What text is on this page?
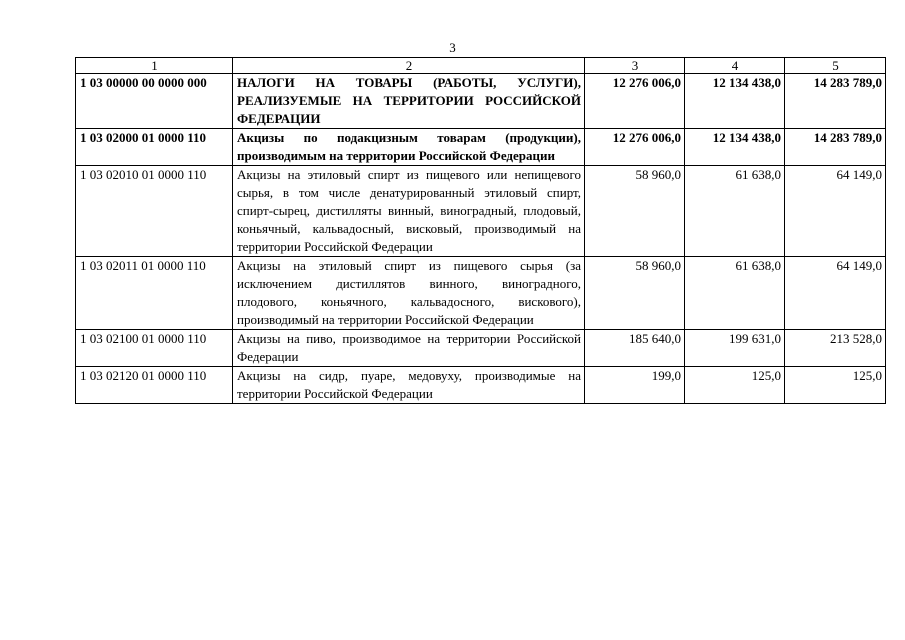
3
1	2	3	4	5
1 03 00000 00 0000 000	НАЛОГИ НА ТОВАРЫ (РАБОТЫ, УСЛУГИ), РЕАЛИЗУЕМЫЕ НА ТЕРРИТОРИИ РОССИЙСКОЙ ФЕДЕРАЦИИ	12 276 006,0	12 134 438,0	14 283 789,0
1 03 02000 01 0000 110	Акцизы по подакцизным товарам (продукции), производимым на территории Российской Федерации	12 276 006,0	12 134 438,0	14 283 789,0
1 03 02010 01 0000 110	Акцизы на этиловый спирт из пищевого или непищевого сырья, в том числе денатурированный этиловый спирт, спирт-сырец, дистилляты винный, виноградный, плодовый, коньячный, кальвадосный, висковый, производимый на территории Российской Федерации	58 960,0	61 638,0	64 149,0
1 03 02011 01 0000 110	Акцизы на этиловый спирт из пищевого сырья (за исключением дистиллятов винного, виноградного, плодового, коньячного, кальвадосного, вискового), производимый на территории Российской Федерации	58 960,0	61 638,0	64 149,0
1 03 02100 01 0000 110	Акцизы на пиво, производимое на территории Российской Федерации	185 640,0	199 631,0	213 528,0
1 03 02120 01 0000 110	Акцизы на сидр, пуаре, медовуху, производимые на территории Российской Федерации	199,0	125,0	125,0
